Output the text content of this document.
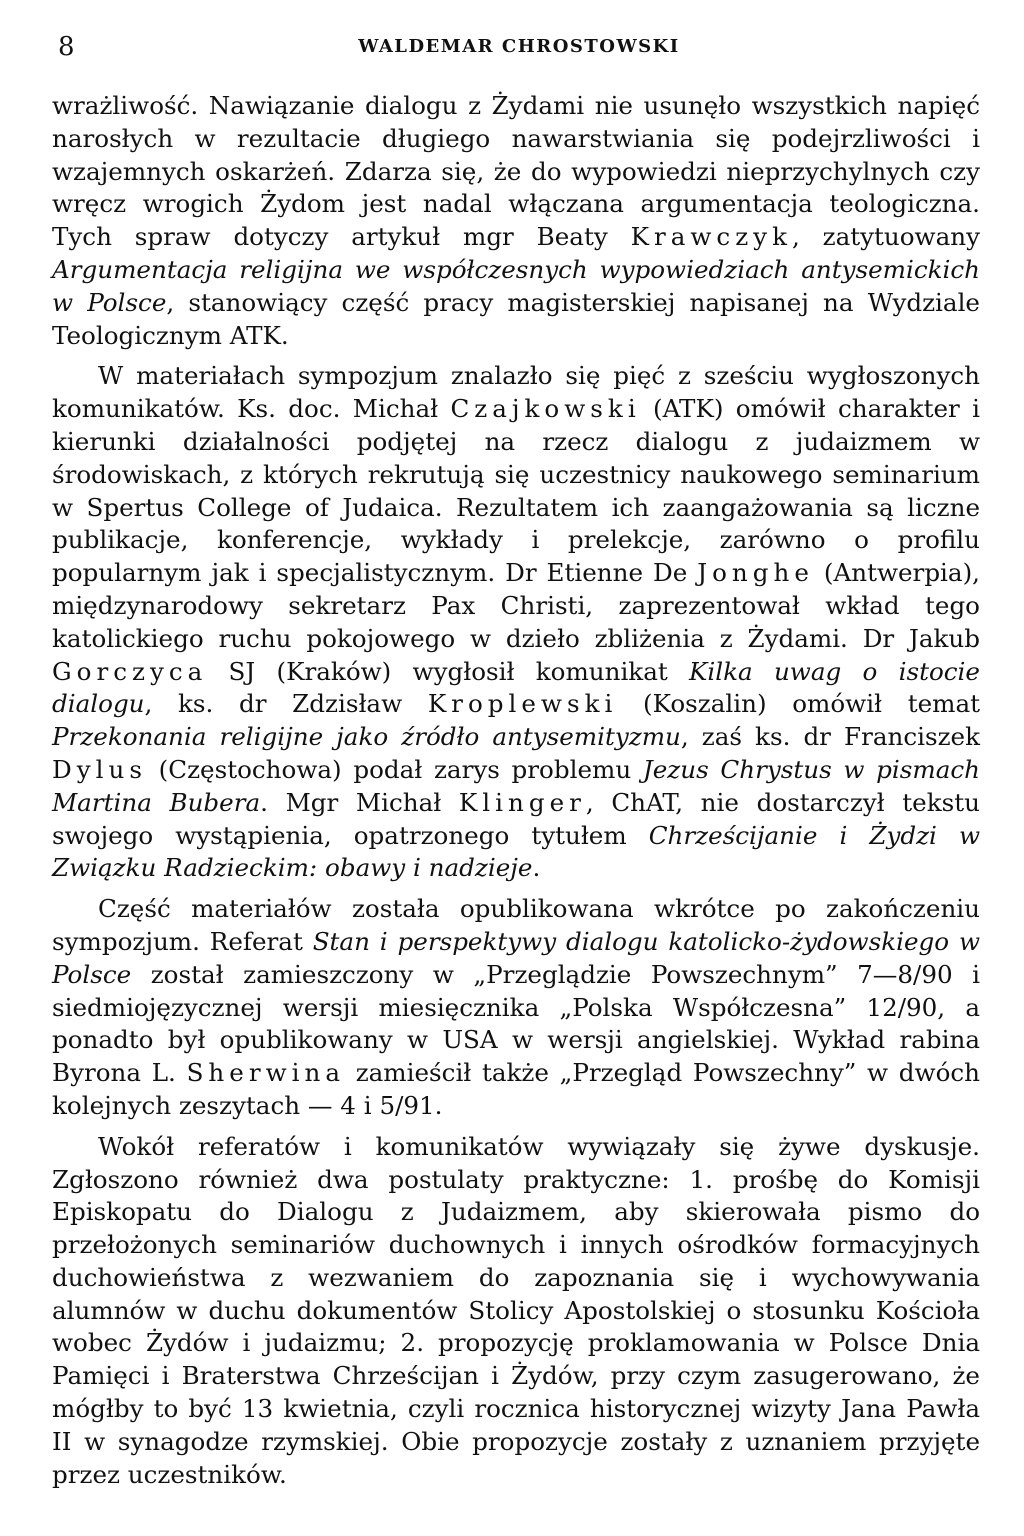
8	WALDEMAR CHROSTOWSKI

wrażliwość. Nawiązanie dialogu z Żydami nie usunęło wszystkich napięć narosłych w rezultacie długiego nawarstwiania się podejrzliwości i wzajemnych oskarżeń. Zdarza się, że do wypowiedzi nieprzychylnych czy wręcz wrogich Żydom jest nadal włączana argumentacja teologiczna. Tych spraw dotyczy artykuł mgr Beaty Krawczyk, zatytuowany Argumentacja religijna we współczesnych wypowiedziach antysemickich w Polsce, stanowiący część pracy magisterskiej napisanej na Wydziale Teologicznym ATK.

W materiałach sympozjum znalazło się pięć z sześciu wygłoszonych komunikatów. Ks. doc. Michał Czajkowski (ATK) omówił charakter i kierunki działalności podjętej na rzecz dialogu z judaizmem w środowiskach, z których rekrutują się uczestnicy naukowego seminarium w Spertus College of Judaica. Rezultatem ich zaangażowania są liczne publikacje, konferencje, wykłady i prelekcje, zarówno o profilu popularnym jak i specjalistycznym. Dr Etienne De Jonghe (Antwerpia), międzynarodowy sekretarz Pax Christi, zaprezentował wkład tego katolickiego ruchu pokojowego w dzieło zbliżenia z Żydami. Dr Jakub Gorczyca SJ (Kraków) wygłosił komunikat Kilka uwag o istocie dialogu, ks. dr Zdzisław Kroplewski (Koszalin) omówił temat Przekonania religijne jako źródło antysemityzmu, zaś ks. dr Franciszek Dylus (Częstochowa) podał zarys problemu Jezus Chrystus w pismach Martina Bubera. Mgr Michał Klinger, ChAT, nie dostarczył tekstu swojego wystąpienia, opatrzonego tytułem Chrześcijanie i Żydzi w Związku Radzieckim: obawy i nadzieje.

Część materiałów została opublikowana wkrótce po zakończeniu sympozjum. Referat Stan i perspektywy dialogu katolicko-żydowskiego w Polsce został zamieszczony w „Przeglądzie Powszechnym” 7—8/90 i siedmiojęzycznej wersji miesięcznika „Polska Współczesna” 12/90, a ponadto był opublikowany w USA w wersji angielskiej. Wykład rabina Byrona L. Sherwina zamieścił także „Przegląd Powszechny” w dwóch kolejnych zeszytach — 4 i 5/91.

Wokół referatów i komunikatów wywiązały się żywe dyskusje. Zgłoszono również dwa postulaty praktyczne: 1. prośbę do Komisji Episkopatu do Dialogu z Judaizmem, aby skierowała pismo do przełożonych seminariów duchownych i innych ośrodków formacyjnych duchowieństwa z wezwaniem do zapoznania się i wychowywania alumnów w duchu dokumentów Stolicy Apostolskiej o stosunku Kościoła wobec Żydów i judaizmu; 2. propozycję proklamowania w Polsce Dnia Pamięci i Braterstwa Chrześcijan i Żydów, przy czym zasugerowano, że mógłby to być 13 kwietnia, czyli rocznica historycznej wizyty Jana Pawła II w synagodze rzymskiej. Obie propozycje zostały z uznaniem przyjęte przez uczestników.
